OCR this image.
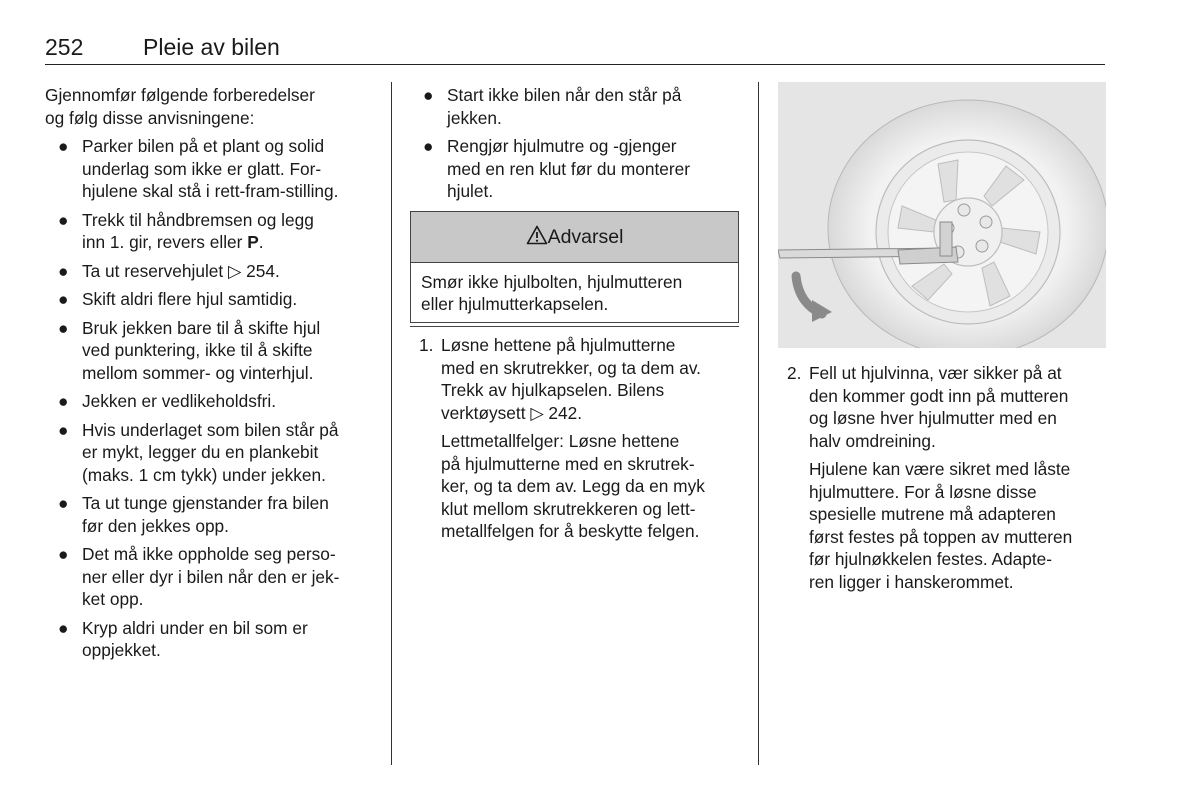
252	Pleie av bilen

Gjennomfør følgende forberedelser
og følg disse anvisningene:

● Parker bilen på et plant og solid
underlag som ikke er glatt. For-
hjulene skal stå i rett-fram-stilling.
● Trekk til håndbremsen og legg
inn 1. gir, revers eller P.
● Ta ut reservehjulet ▷ 254.
● Skift aldri flere hjul samtidig.
● Bruk jekken bare til å skifte hjul
ved punktering, ikke til å skifte
mellom sommer- og vinterhjul.
● Jekken er vedlikeholdsfri.
● Hvis underlaget som bilen står på
er mykt, legger du en plankebit
(maks. 1 cm tykk) under jekken.
● Ta ut tunge gjenstander fra bilen
før den jekkes opp.
● Det må ikke oppholde seg perso-
ner eller dyr i bilen når den er jek-
ket opp.
● Kryp aldri under en bil som er
oppjekket.
● Start ikke bilen når den står på
jekken.
● Rengjør hjulmutre og -gjenger
med en ren klut før du monterer
hjulet.
Advarsel
Smør ikke hjulbolten, hjulmutteren
eller hjulmutterkapselen.
1. Løsne hettene på hjulmutterne
med en skrutrekker, og ta dem av.
Trekk av hjulkapselen. Bilens
verktøysett ▷ 242.

Lettmetallfelger: Løsne hettene
på hjulmutterne med en skrutrek-
ker, og ta dem av. Legg da en myk
klut mellom skrutrekkeren og lett-
metallfelgen for å beskytte felgen.

2. Fell ut hjulvinna, vær sikker på at
den kommer godt inn på mutteren
og løsne hver hjulmutter med en
halv omdreining.

Hjulene kan være sikret med låste
hjulmuttere. For å løsne disse
spesielle mutrene må adapteren
først festes på toppen av mutteren
før hjulnøkkelen festes. Adapte-
ren ligger i hanskerommet.
